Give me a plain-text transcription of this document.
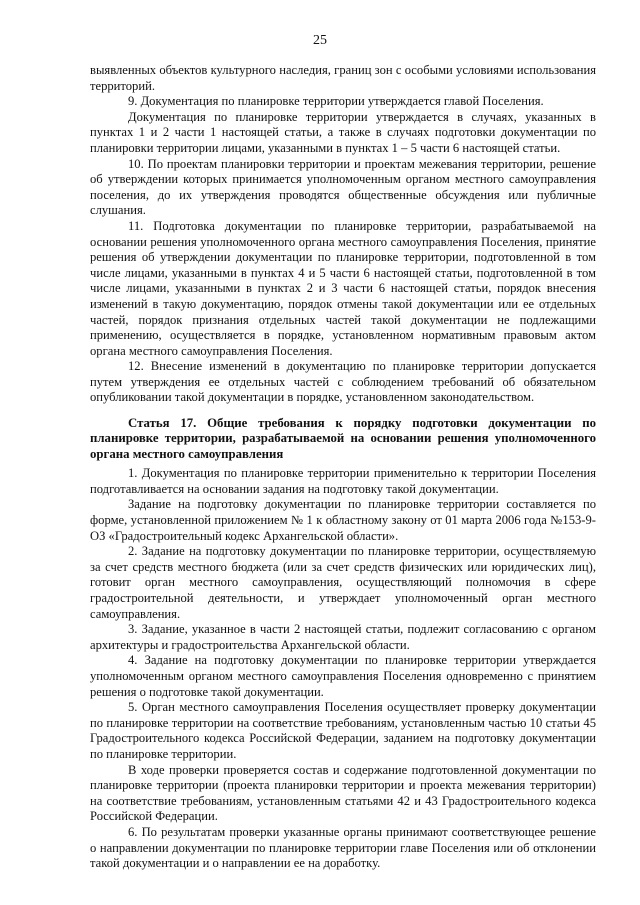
25

выявленных объектов культурного наследия, границ зон с особыми условиями использования территорий.

9. Документация по планировке территории утверждается главой Поселения.

Документация по планировке территории утверждается в случаях, указанных в пунктах 1 и 2 части 1 настоящей статьи, а также в случаях подготовки документации по планировки территории лицами, указанными в пунктах 1 – 5 части 6 настоящей статьи.

10. По проектам планировки территории и проектам межевания территории, решение об утверждении которых принимается уполномоченным органом местного самоуправления поселения, до их утверждения проводятся общественные обсуждения или публичные слушания.

11. Подготовка документации по планировке территории, разрабатываемой на основании решения уполномоченного органа местного самоуправления Поселения, принятие решения об утверждении документации по планировке территории, подготовленной в том числе лицами, указанными в пунктах 4 и 5 части 6 настоящей статьи, подготовленной в том числе лицами, указанными в пунктах 2 и 3 части 6 настоящей статьи, порядок внесения изменений в такую документацию, порядок отмены такой документации или ее отдельных частей, порядок признания отдельных частей такой документации не подлежащими применению, осуществляется в порядке, установленном нормативным правовым актом органа местного самоуправления Поселения.

12. Внесение изменений в документацию по планировке территории допускается путем утверждения ее отдельных частей с соблюдением требований об обязательном опубликовании такой документации в порядке, установленном законодательством.

Статья 17. Общие требования к порядку подготовки документации по планировке территории, разрабатываемой на основании решения уполномоченного органа местного самоуправления

1. Документация по планировке территории применительно к территории Поселения подготавливается на основании задания на подготовку такой документации.

Задание на подготовку документации по планировке территории составляется по форме, установленной приложением № 1 к областному закону от 01 марта 2006 года №153-9-ОЗ «Градостроительный кодекс Архангельской области».

2. Задание на подготовку документации по планировке территории, осуществляемую за счет средств местного бюджета (или за счет средств физических или юридических лиц), готовит орган местного самоуправления, осуществляющий полномочия в сфере градостроительной деятельности, и утверждает уполномоченный орган местного самоуправления.

3. Задание, указанное в части 2 настоящей статьи, подлежит согласованию с органом архитектуры и градостроительства Архангельской области.

4. Задание на подготовку документации по планировке территории утверждается уполномоченным органом местного самоуправления Поселения одновременно с принятием решения о подготовке такой документации.

5. Орган местного самоуправления Поселения осуществляет проверку документации по планировке территории на соответствие требованиям, установленным частью 10 статьи 45 Градостроительного кодекса Российской Федерации, заданием на подготовку документации по планировке территории.

В ходе проверки проверяется состав и содержание подготовленной документации по планировке территории (проекта планировки территории и проекта межевания территории) на соответствие требованиям, установленным статьями 42 и 43 Градостроительного кодекса Российской Федерации.

6. По результатам проверки указанные органы принимают соответствующее решение о направлении документации по планировке территории главе Поселения или об отклонении такой документации и о направлении ее на доработку.
